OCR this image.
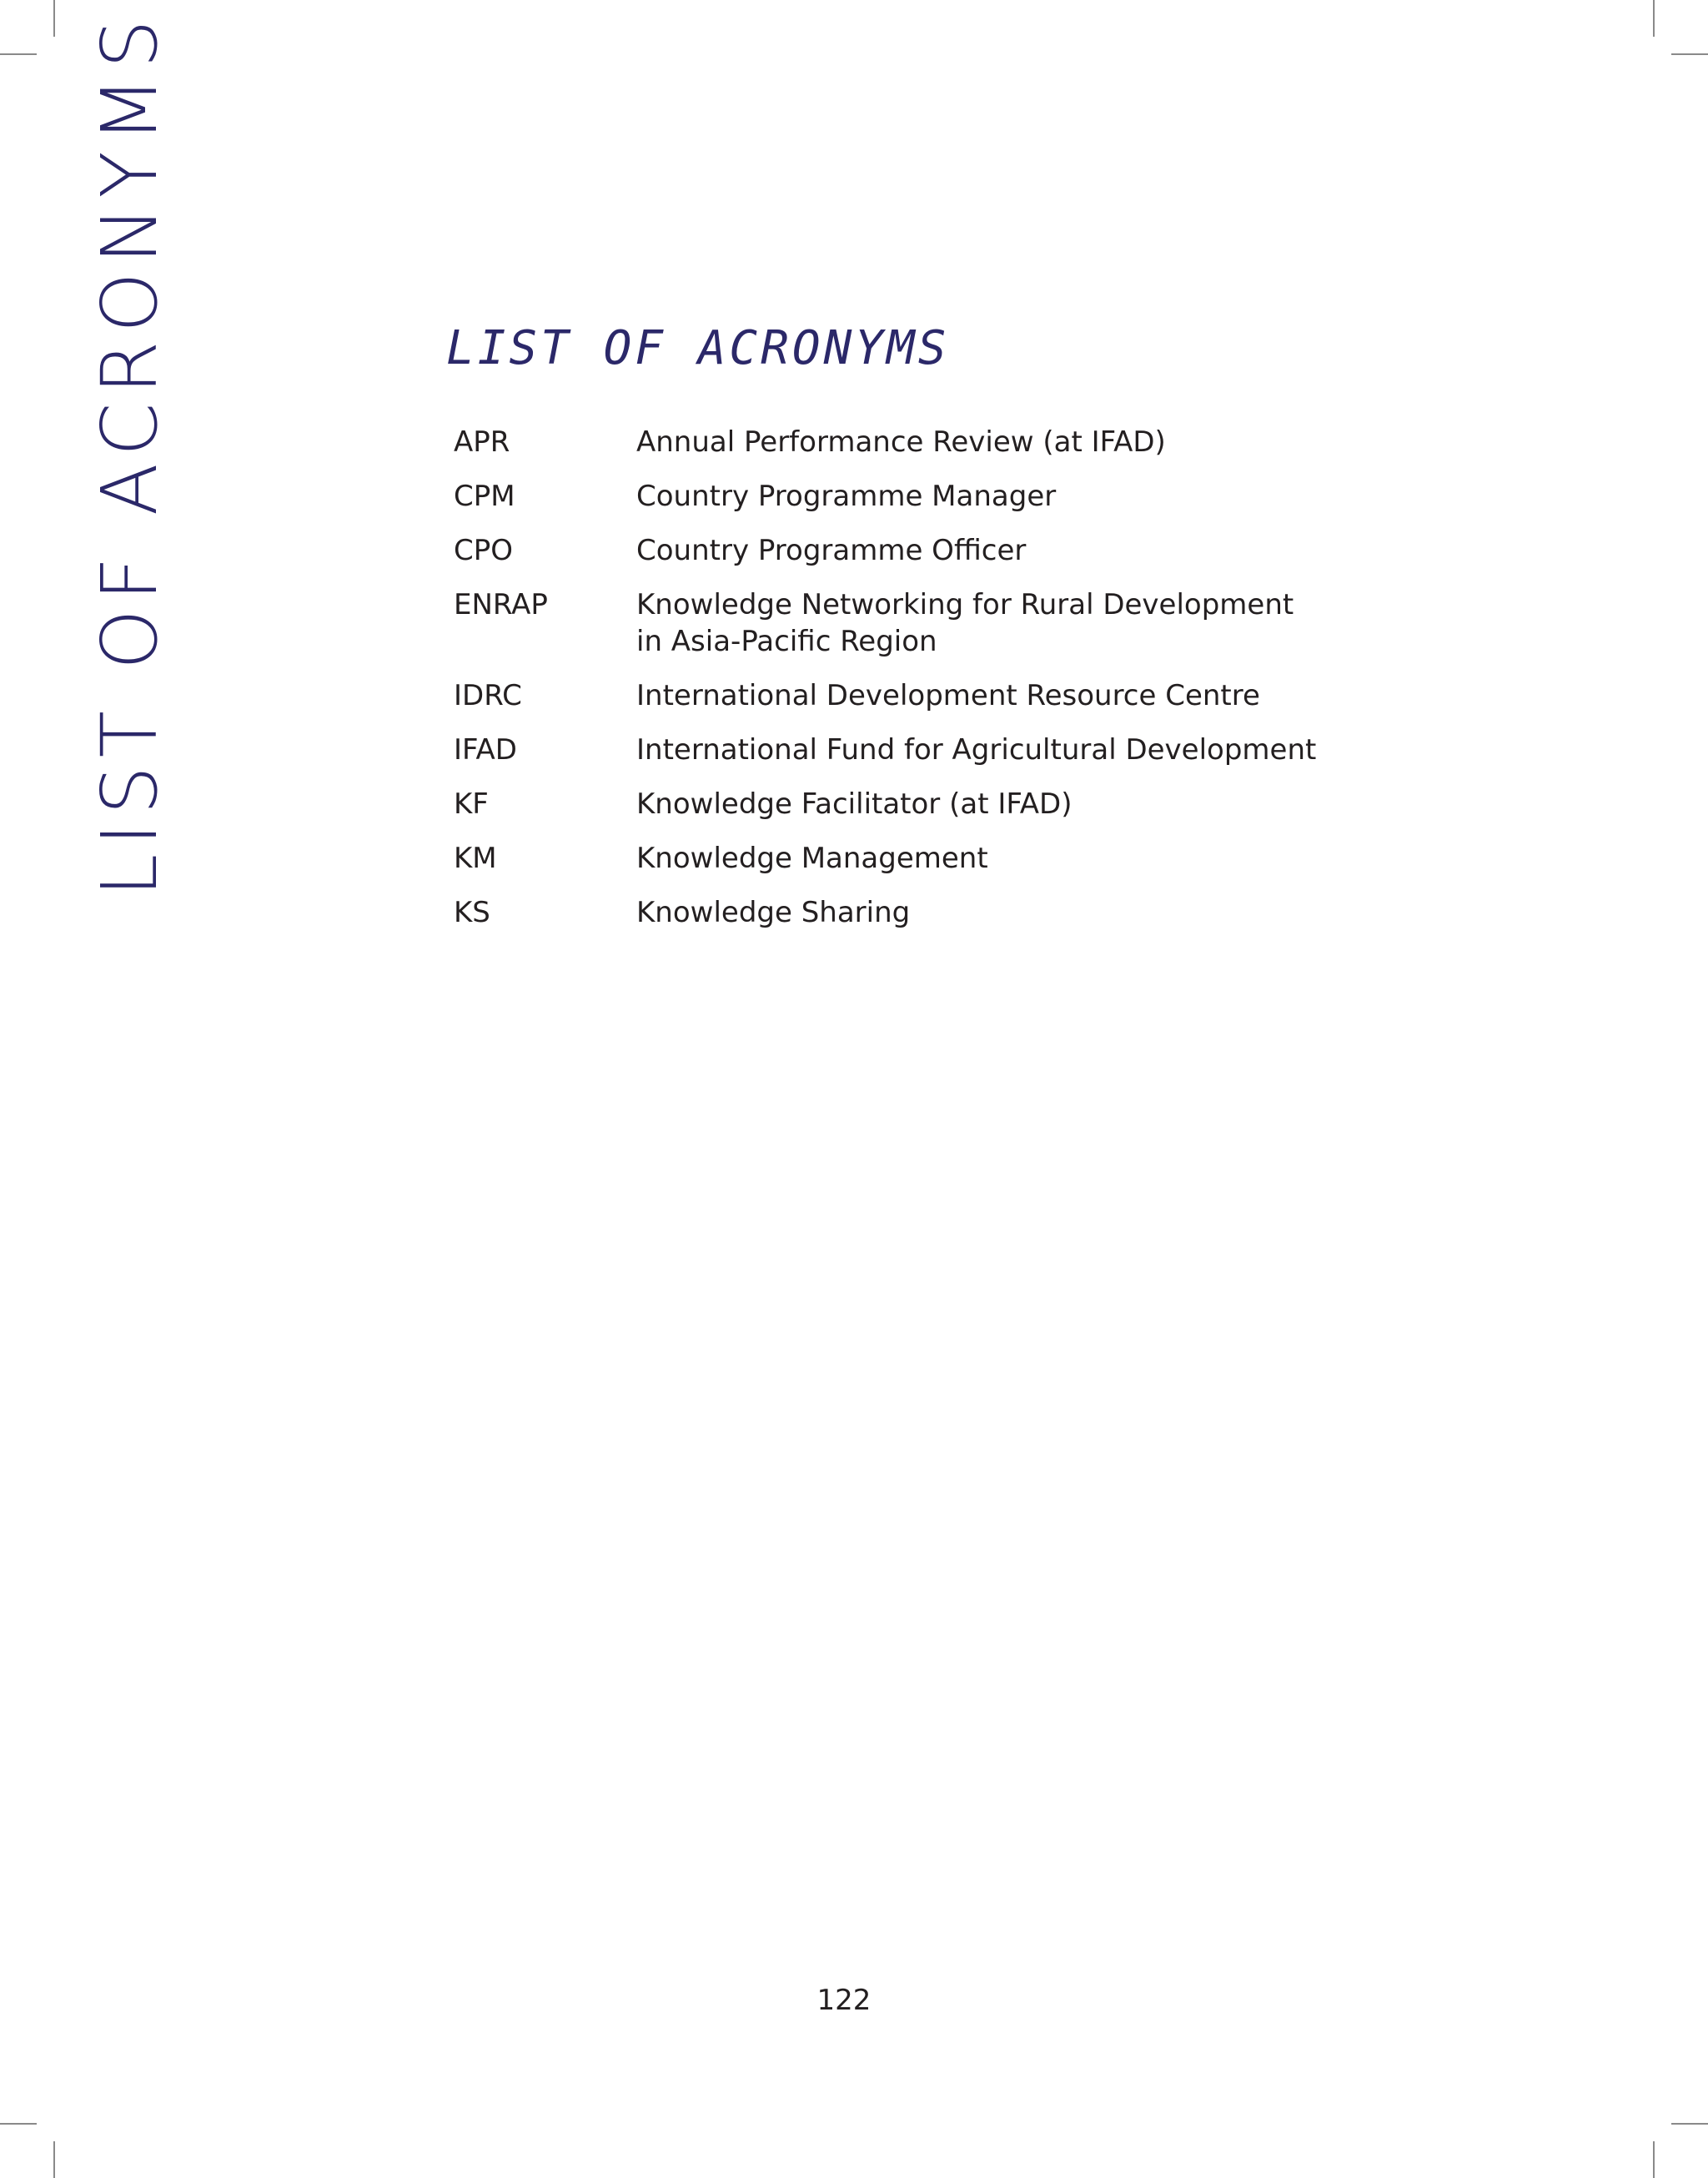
LIST OF ACRONYMS	LIST OF ACRONYMS
APR	Annual Performance Review (at IFAD)
CPM	Country Programme Manager
CPO	Country Programme Officer
ENRAP	Knowledge Networking for Rural Development
in Asia-Pacific Region
IDRC	International Development Resource Centre
IFAD	International Fund for Agricultural Development
KF	Knowledge Facilitator (at IFAD)
KM	Knowledge Management
KS	Knowledge Sharing
122
